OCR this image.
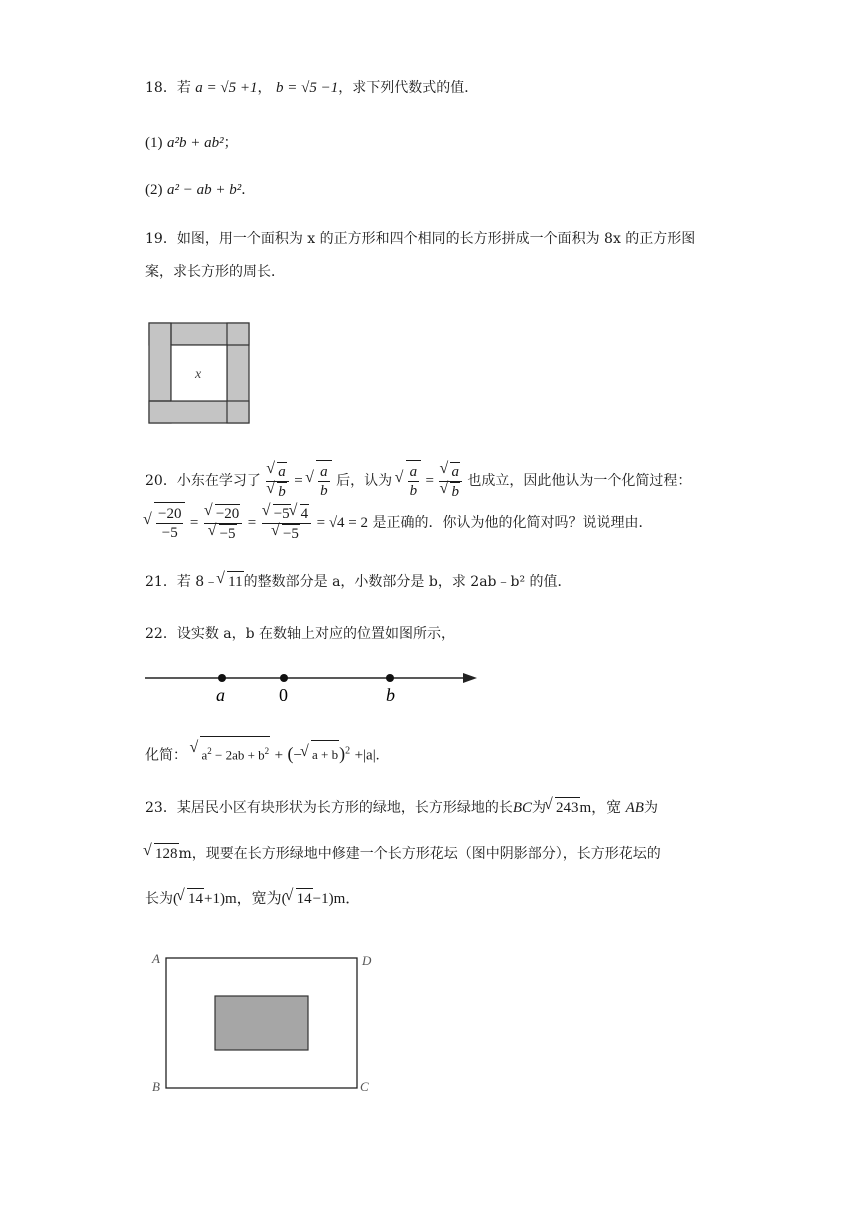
18．若 a = √5 +1， b = √5 −1，求下列代数式的值．
(1) a²b + ab²；
(2) a² − ab + b²．
19．如图，用一个面积为 x 的正方形和四个相同的长方形拼成一个面积为 8x 的正方形图
案，求长方形的周长．
x
20．小东在学习了 √ a
√ b = √ $\frac{a}{b}$ 后，认为 √ $\frac{a}{b}$ = √ a
√ b 也成立，因此他认为一个化简过程：
√ $\frac{-20}{-5}$ = √ −20
√ −5 = √ −5 √ 4
√ −5 = √4 = 2 是正确的．你认为他的化简对吗？说说理由．
21．若 8﹣ √ 11的整数部分是 a，小数部分是 b，求 2ab﹣b² 的值．
22．设实数 a，b 在数轴上对应的位置如图所示，
a	0	b
化简： √ $a^2 - 2ab + b^2$ + (− √ a + b)$^2$ +|a|.
23．某居民小区有块形状为长方形的绿地，长方形绿地的长BC为 √ 243m，宽 AB为
√ 128m，现要在长方形绿地中修建一个长方形花坛（图中阴影部分），长方形花坛的
长为( √ 14+1)m，宽为( √ 14−1)m．
A	D
B	C
